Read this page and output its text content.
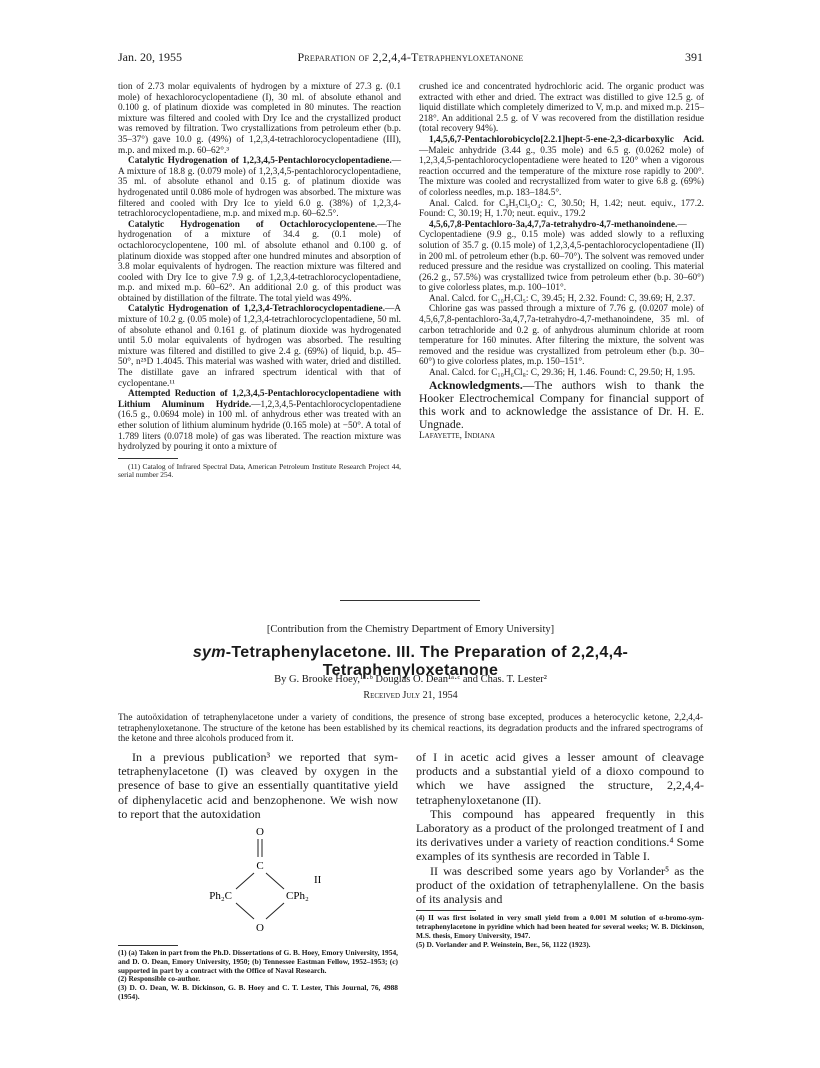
Jan. 20, 1955	Preparation of 2,2,4,4-Tetraphenyloxetanone	391

tion of 2.73 molar equivalents of hydrogen by a mixture of 27.3 g. (0.1 mole) of hexachlorocyclopentadiene (I), 30 ml. of absolute ethanol and 0.100 g. of platinum dioxide was completed in 80 minutes. The reaction mixture was filtered and cooled with Dry Ice and the crystallized product was removed by filtration. Two crystallizations from petroleum ether (b.p. 35–37°) gave 10.0 g. (49%) of 1,2,3,4-tetrachlorocyclopentadiene (III), m.p. and mixed m.p. 60–62°.³

Catalytic Hydrogenation of 1,2,3,4,5-Pentachlorocyclopentadiene.—A mixture of 18.8 g. (0.079 mole) of 1,2,3,4,5-pentachlorocyclopentadiene, 35 ml. of absolute ethanol and 0.15 g. of platinum dioxide was hydrogenated until 0.086 mole of hydrogen was absorbed. The mixture was filtered and cooled with Dry Ice to yield 6.0 g. (38%) of 1,2,3,4-tetrachlorocyclopentadiene, m.p. and mixed m.p. 60–62.5°.

Catalytic Hydrogenation of Octachlorocyclopentene.—The hydrogenation of a mixture of 34.4 g. (0.1 mole) of octachlorocyclopentene, 100 ml. of absolute ethanol and 0.100 g. of platinum dioxide was stopped after one hundred minutes and absorption of 3.8 molar equivalents of hydrogen. The reaction mixture was filtered and cooled with Dry Ice to give 7.9 g. of 1,2,3,4-tetrachlorocyclopentadiene, m.p. and mixed m.p. 60–62°. An additional 2.0 g. of this product was obtained by distillation of the filtrate. The total yield was 49%.

Catalytic Hydrogenation of 1,2,3,4-Tetrachlorocyclopentadiene.—A mixture of 10.2 g. (0.05 mole) of 1,2,3,4-tetrachlorocyclopentadiene, 50 ml. of absolute ethanol and 0.161 g. of platinum dioxide was hydrogenated until 5.0 molar equivalents of hydrogen was absorbed. The resulting mixture was filtered and distilled to give 2.4 g. (69%) of liquid, b.p. 45–50°, n²⁵D 1.4045. This material was washed with water, dried and distilled. The distillate gave an infrared spectrum identical with that of cyclopentane.¹¹

Attempted Reduction of 1,2,3,4,5-Pentachlorocyclopentadiene with Lithium Aluminum Hydride.—1,2,3,4,5-Pentachlorocyclopentadiene (16.5 g., 0.0694 mole) in 100 ml. of anhydrous ether was treated with an ether solution of lithium aluminum hydride (0.165 mole) at −50°. A total of 1.789 liters (0.0718 mole) of gas was liberated. The reaction mixture was hydrolyzed by pouring it onto a mixture of

(11) Catalog of Infrared Spectral Data, American Petroleum Institute Research Project 44, serial number 254.

crushed ice and concentrated hydrochloric acid. The organic product was extracted with ether and dried. The extract was distilled to give 12.5 g. of liquid distillate which completely dimerized to V, m.p. and mixed m.p. 215–218°. An additional 2.5 g. of V was recovered from the distillation residue (total recovery 94%).

1,4,5,6,7-Pentachlorobicyclo[2.2.1]hept-5-ene-2,3-dicarboxylic Acid.—Maleic anhydride (3.44 g., 0.35 mole) and 6.5 g. (0.0262 mole) of 1,2,3,4,5-pentachlorocyclopentadiene were heated to 120° when a vigorous reaction occurred and the temperature of the mixture rose rapidly to 200°. The mixture was cooled and recrystallized from water to give 6.8 g. (69%) of colorless needles, m.p. 183–184.5°.

Anal. Calcd. for C₉H₅Cl₅O₄: C, 30.50; H, 1.42; neut. equiv., 177.2. Found: C, 30.19; H, 1.70; neut. equiv., 179.2

4,5,6,7,8-Pentachloro-3a,4,7,7a-tetrahydro-4,7-methanoindene.—Cyclopentadiene (9.9 g., 0.15 mole) was added slowly to a refluxing solution of 35.7 g. (0.15 mole) of 1,2,3,4,5-pentachlorocyclopentadiene (II) in 200 ml. of petroleum ether (b.p. 60–70°). The solvent was removed under reduced pressure and the residue was crystallized on cooling. This material (26.2 g., 57.5%) was crystallized twice from petroleum ether (b.p. 30–60°) to give colorless plates, m.p. 100–101°.

Anal. Calcd. for C₁₀H₇Cl₅: C, 39.45; H, 2.32. Found: C, 39.69; H, 2.37.

Chlorine gas was passed through a mixture of 7.76 g. (0.0207 mole) of 4,5,6,7,8-pentachloro-3a,4,7,7a-tetrahydro-4,7-methanoindene, 35 ml. of carbon tetrachloride and 0.2 g. of anhydrous aluminum chloride at room temperature for 160 minutes. After filtering the mixture, the solvent was removed and the residue was crystallized from petroleum ether (b.p. 30–60°) to give colorless plates, m.p. 150–151°.

Anal. Calcd. for C₁₀H₆Cl₈: C, 29.36; H, 1.46. Found: C, 29.50; H, 1.95.

Acknowledgments.—The authors wish to thank the Hooker Electrochemical Company for financial support of this work and to acknowledge the assistance of Dr. H. E. Ungnade.

Lafayette, Indiana

[Contribution from the Chemistry Department of Emory University]
sym-Tetraphenylacetone. III. The Preparation of 2,2,4,4-Tetraphenyloxetanone
By G. Brooke Hoey,¹ᵃ·ᵇ Douglas O. Dean¹ᵃ·ᶜ and Chas. T. Lester²
Received July 21, 1954
The autoöxidation of tetraphenylacetone under a variety of conditions, the presence of strong base excepted, produces a heterocyclic ketone, 2,2,4,4-tetraphenyloxetanone. The structure of the ketone has been established by its chemical reactions, its degradation products and the infrared spectrograms of the ketone and three alcohols produced from it.

In a previous publication³ we reported that sym-tetraphenylacetone (I) was cleaved by oxygen in the presence of base to give an essentially quantitative yield of diphenylacetic acid and benzophenone. We wish now to report that the autoxidation

O
C
Ph₂C	CPh₂
O
II

(1) (a) Taken in part from the Ph.D. Dissertations of G. B. Hoey, Emory University, 1954, and D. O. Dean, Emory University, 1950; (b) Tennessee Eastman Fellow, 1952–1953; (c) supported in part by a contract with the Office of Naval Research.

(2) Responsible co-author.

(3) D. O. Dean, W. B. Dickinson, G. B. Hoey and C. T. Lester, This Journal, 76, 4988 (1954).

of I in acetic acid gives a lesser amount of cleavage products and a substantial yield of a dioxo compound to which we have assigned the structure, 2,2,4,4-tetraphenyloxetanone (II).

This compound has appeared frequently in this Laboratory as a product of the prolonged treatment of I and its derivatives under a variety of reaction conditions.⁴ Some examples of its synthesis are recorded in Table I.

II was described some years ago by Vorlander⁵ as the product of the oxidation of tetraphenylallene. On the basis of its analysis and

(4) II was first isolated in very small yield from a 0.001 M solution of α-bromo-sym-tetraphenylacetone in pyridine which had been heated for several weeks; W. B. Dickinson, M.S. thesis, Emory University, 1947.

(5) D. Vorlander and P. Weinstein, Ber., 56, 1122 (1923).
